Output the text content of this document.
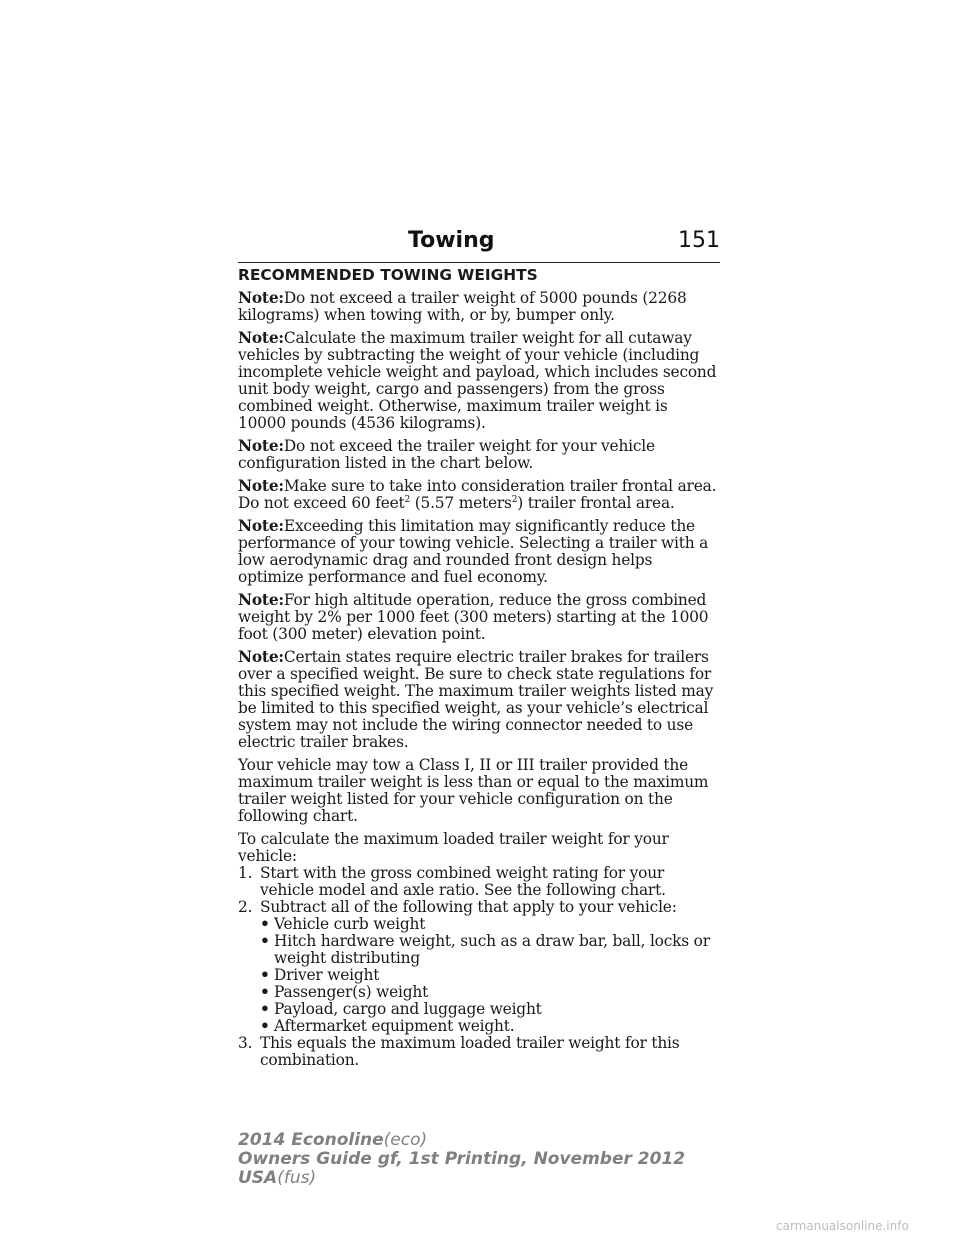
Towing	151
RECOMMENDED TOWING WEIGHTS

Note:Do not exceed a trailer weight of 5000 pounds (2268 kilograms) when towing with, or by, bumper only.

Note:Calculate the maximum trailer weight for all cutaway vehicles by subtracting the weight of your vehicle (including incomplete vehicle weight and payload, which includes second unit body weight, cargo and passengers) from the gross combined weight. Otherwise, maximum trailer weight is 10000 pounds (4536 kilograms).

Note:Do not exceed the trailer weight for your vehicle configuration listed in the chart below.

Note:Make sure to take into consideration trailer frontal area. Do not exceed 60 feet$^2$ (5.57 meters$^2$) trailer frontal area.

Note:Exceeding this limitation may significantly reduce the performance of your towing vehicle. Selecting a trailer with a low aerodynamic drag and rounded front design helps optimize performance and fuel economy.

Note:For high altitude operation, reduce the gross combined weight by 2% per 1000 feet (300 meters) starting at the 1000 foot (300 meter) elevation point.

Note:Certain states require electric trailer brakes for trailers over a specified weight. Be sure to check state regulations for this specified weight. The maximum trailer weights listed may be limited to this specified weight, as your vehicle’s electrical system may not include the wiring connector needed to use electric trailer brakes.

Your vehicle may tow a Class I, II or III trailer provided the maximum trailer weight is less than or equal to the maximum trailer weight listed for your vehicle configuration on the following chart.

To calculate the maximum loaded trailer weight for your vehicle:

1. Start with the gross combined weight rating for your vehicle model and axle ratio. See the following chart.
2. Subtract all of the following that apply to your vehicle:
• Vehicle curb weight
• Hitch hardware weight, such as a draw bar, ball, locks or weight distributing
• Driver weight
• Passenger(s) weight
• Payload, cargo and luggage weight
• Aftermarket equipment weight.
3. This equals the maximum loaded trailer weight for this combination.
2014 Econoline(eco)
Owners Guide gf, 1st Printing, November 2012
USA(fus)
carmanualsonline.info
